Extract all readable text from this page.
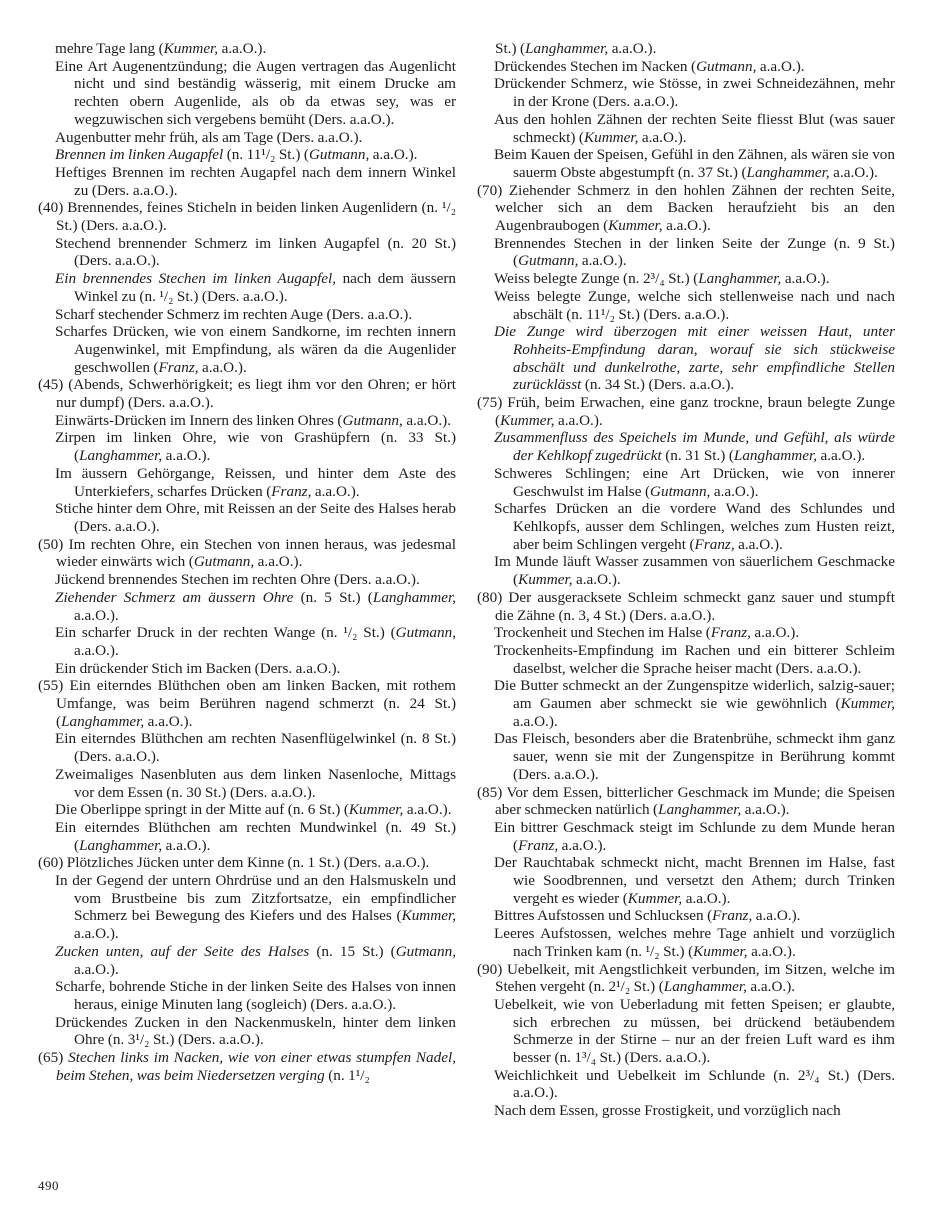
mehre Tage lang (Kummer, a.a.O.).

Eine Art Augenentzündung; die Augen vertragen das Augenlicht nicht und sind beständig wässerig, mit einem Drucke am rechten obern Augenlide, als ob da etwas sey, was er wegzuwischen sich vergebens bemüht (Ders. a.a.O.).

Augenbutter mehr früh, als am Tage (Ders. a.a.O.).

Brennen im linken Augapfel (n. 11¹/₂ St.) (Gutmann, a.a.O.).

Heftiges Brennen im rechten Augapfel nach dem innern Winkel zu (Ders. a.a.O.).

(40) Brennendes, feines Sticheln in beiden linken Augenlidern (n. ¹/₂ St.) (Ders. a.a.O.).

Stechend brennender Schmerz im linken Augapfel (n. 20 St.) (Ders. a.a.O.).

Ein brennendes Stechen im linken Augapfel, nach dem äussern Winkel zu (n. ¹/₂ St.) (Ders. a.a.O.).

Scharf stechender Schmerz im rechten Auge (Ders. a.a.O.).

Scharfes Drücken, wie von einem Sandkorne, im rechten innern Augenwinkel, mit Empfindung, als wären da die Augenlider geschwollen (Franz, a.a.O.).

(45) (Abends, Schwerhörigkeit; es liegt ihm vor den Ohren; er hört nur dumpf) (Ders. a.a.O.).

Einwärts-Drücken im Innern des linken Ohres (Gutmann, a.a.O.).

Zirpen im linken Ohre, wie von Grashüpfern (n. 33 St.) (Langhammer, a.a.O.).

Im äussern Gehörgange, Reissen, und hinter dem Aste des Unterkiefers, scharfes Drücken (Franz, a.a.O.).

Stiche hinter dem Ohre, mit Reissen an der Seite des Halses herab (Ders. a.a.O.).

(50) Im rechten Ohre, ein Stechen von innen heraus, was jedesmal wieder einwärts wich (Gutmann, a.a.O.).

Jückend brennendes Stechen im rechten Ohre (Ders. a.a.O.).

Ziehender Schmerz am äussern Ohre (n. 5 St.) (Langhammer, a.a.O.).

Ein scharfer Druck in der rechten Wange (n. ¹/₂ St.) (Gutmann, a.a.O.).

Ein drückender Stich im Backen (Ders. a.a.O.).

(55) Ein eiterndes Blüthchen oben am linken Backen, mit rothem Umfange, was beim Berühren nagend schmerzt (n. 24 St.) (Langhammer, a.a.O.).

Ein eiterndes Blüthchen am rechten Nasenflügelwinkel (n. 8 St.) (Ders. a.a.O.).

Zweimaliges Nasenbluten aus dem linken Nasenloche, Mittags vor dem Essen (n. 30 St.) (Ders. a.a.O.).

Die Oberlippe springt in der Mitte auf (n. 6 St.) (Kummer, a.a.O.).

Ein eiterndes Blüthchen am rechten Mundwinkel (n. 49 St.) (Langhammer, a.a.O.).

(60) Plötzliches Jücken unter dem Kinne (n. 1 St.) (Ders. a.a.O.).

In der Gegend der untern Ohrdrüse und an den Halsmuskeln und vom Brustbeine bis zum Zitzfortsatze, ein empfindlicher Schmerz bei Bewegung des Kiefers und des Halses (Kummer, a.a.O.).

Zucken unten, auf der Seite des Halses (n. 15 St.) (Gutmann, a.a.O.).

Scharfe, bohrende Stiche in der linken Seite des Halses von innen heraus, einige Minuten lang (sogleich) (Ders. a.a.O.).

Drückendes Zucken in den Nackenmuskeln, hinter dem linken Ohre (n. 3¹/₂ St.) (Ders. a.a.O.).

(65) Stechen links im Nacken, wie von einer etwas stumpfen Nadel, beim Stehen, was beim Niedersetzen verging (n. 1¹/₂

St.) (Langhammer, a.a.O.).

Drückendes Stechen im Nacken (Gutmann, a.a.O.).

Drückender Schmerz, wie Stösse, in zwei Schneidezähnen, mehr in der Krone (Ders. a.a.O.).

Aus den hohlen Zähnen der rechten Seite fliesst Blut (was sauer schmeckt) (Kummer, a.a.O.).

Beim Kauen der Speisen, Gefühl in den Zähnen, als wären sie von sauerm Obste abgestumpft (n. 37 St.) (Langhammer, a.a.O.).

(70) Ziehender Schmerz in den hohlen Zähnen der rechten Seite, welcher sich an dem Backen heraufzieht bis an den Augenbraubogen (Kummer, a.a.O.).

Brennendes Stechen in der linken Seite der Zunge (n. 9 St.) (Gutmann, a.a.O.).

Weiss belegte Zunge (n. 2³/₄ St.) (Langhammer, a.a.O.).

Weiss belegte Zunge, welche sich stellenweise nach und nach abschält (n. 11¹/₂ St.) (Ders. a.a.O.).

Die Zunge wird überzogen mit einer weissen Haut, unter Rohheits-Empfindung daran, worauf sie sich stückweise abschält und dunkelrothe, zarte, sehr empfindliche Stellen zurücklässt (n. 34 St.) (Ders. a.a.O.).

(75) Früh, beim Erwachen, eine ganz trockne, braun belegte Zunge (Kummer, a.a.O.).

Zusammenfluss des Speichels im Munde, und Gefühl, als würde der Kehlkopf zugedrückt (n. 31 St.) (Langhammer, a.a.O.).

Schweres Schlingen; eine Art Drücken, wie von innerer Geschwulst im Halse (Gutmann, a.a.O.).

Scharfes Drücken an die vordere Wand des Schlundes und Kehlkopfs, ausser dem Schlingen, welches zum Husten reizt, aber beim Schlingen vergeht (Franz, a.a.O.).

Im Munde läuft Wasser zusammen von säuerlichem Geschmacke (Kummer, a.a.O.).

(80) Der ausgeracksete Schleim schmeckt ganz sauer und stumpft die Zähne (n. 3, 4 St.) (Ders. a.a.O.).

Trockenheit und Stechen im Halse (Franz, a.a.O.).

Trockenheits-Empfindung im Rachen und ein bitterer Schleim daselbst, welcher die Sprache heiser macht (Ders. a.a.O.).

Die Butter schmeckt an der Zungenspitze widerlich, salzig-sauer; am Gaumen aber schmeckt sie wie gewöhnlich (Kummer, a.a.O.).

Das Fleisch, besonders aber die Bratenbrühe, schmeckt ihm ganz sauer, wenn sie mit der Zungenspitze in Berührung kommt (Ders. a.a.O.).

(85) Vor dem Essen, bitterlicher Geschmack im Munde; die Speisen aber schmecken natürlich (Langhammer, a.a.O.).

Ein bittrer Geschmack steigt im Schlunde zu dem Munde heran (Franz, a.a.O.).

Der Rauchtabak schmeckt nicht, macht Brennen im Halse, fast wie Soodbrennen, und versetzt den Athem; durch Trinken vergeht es wieder (Kummer, a.a.O.).

Bittres Aufstossen und Schlucksen (Franz, a.a.O.).

Leeres Aufstossen, welches mehre Tage anhielt und vorzüglich nach Trinken kam (n. ¹/₂ St.) (Kummer, a.a.O.).

(90) Uebelkeit, mit Aengstlichkeit verbunden, im Sitzen, welche im Stehen vergeht (n. 2¹/₂ St.) (Langhammer, a.a.O.).

Uebelkeit, wie von Ueberladung mit fetten Speisen; er glaubte, sich erbrechen zu müssen, bei drückend betäubendem Schmerze in der Stirne – nur an der freien Luft ward es ihm besser (n. 1³/₄ St.) (Ders. a.a.O.).

Weichlichkeit und Uebelkeit im Schlunde (n. 2³/₄ St.) (Ders. a.a.O.).

Nach dem Essen, grosse Frostigkeit, und vorzüglich nach

490
